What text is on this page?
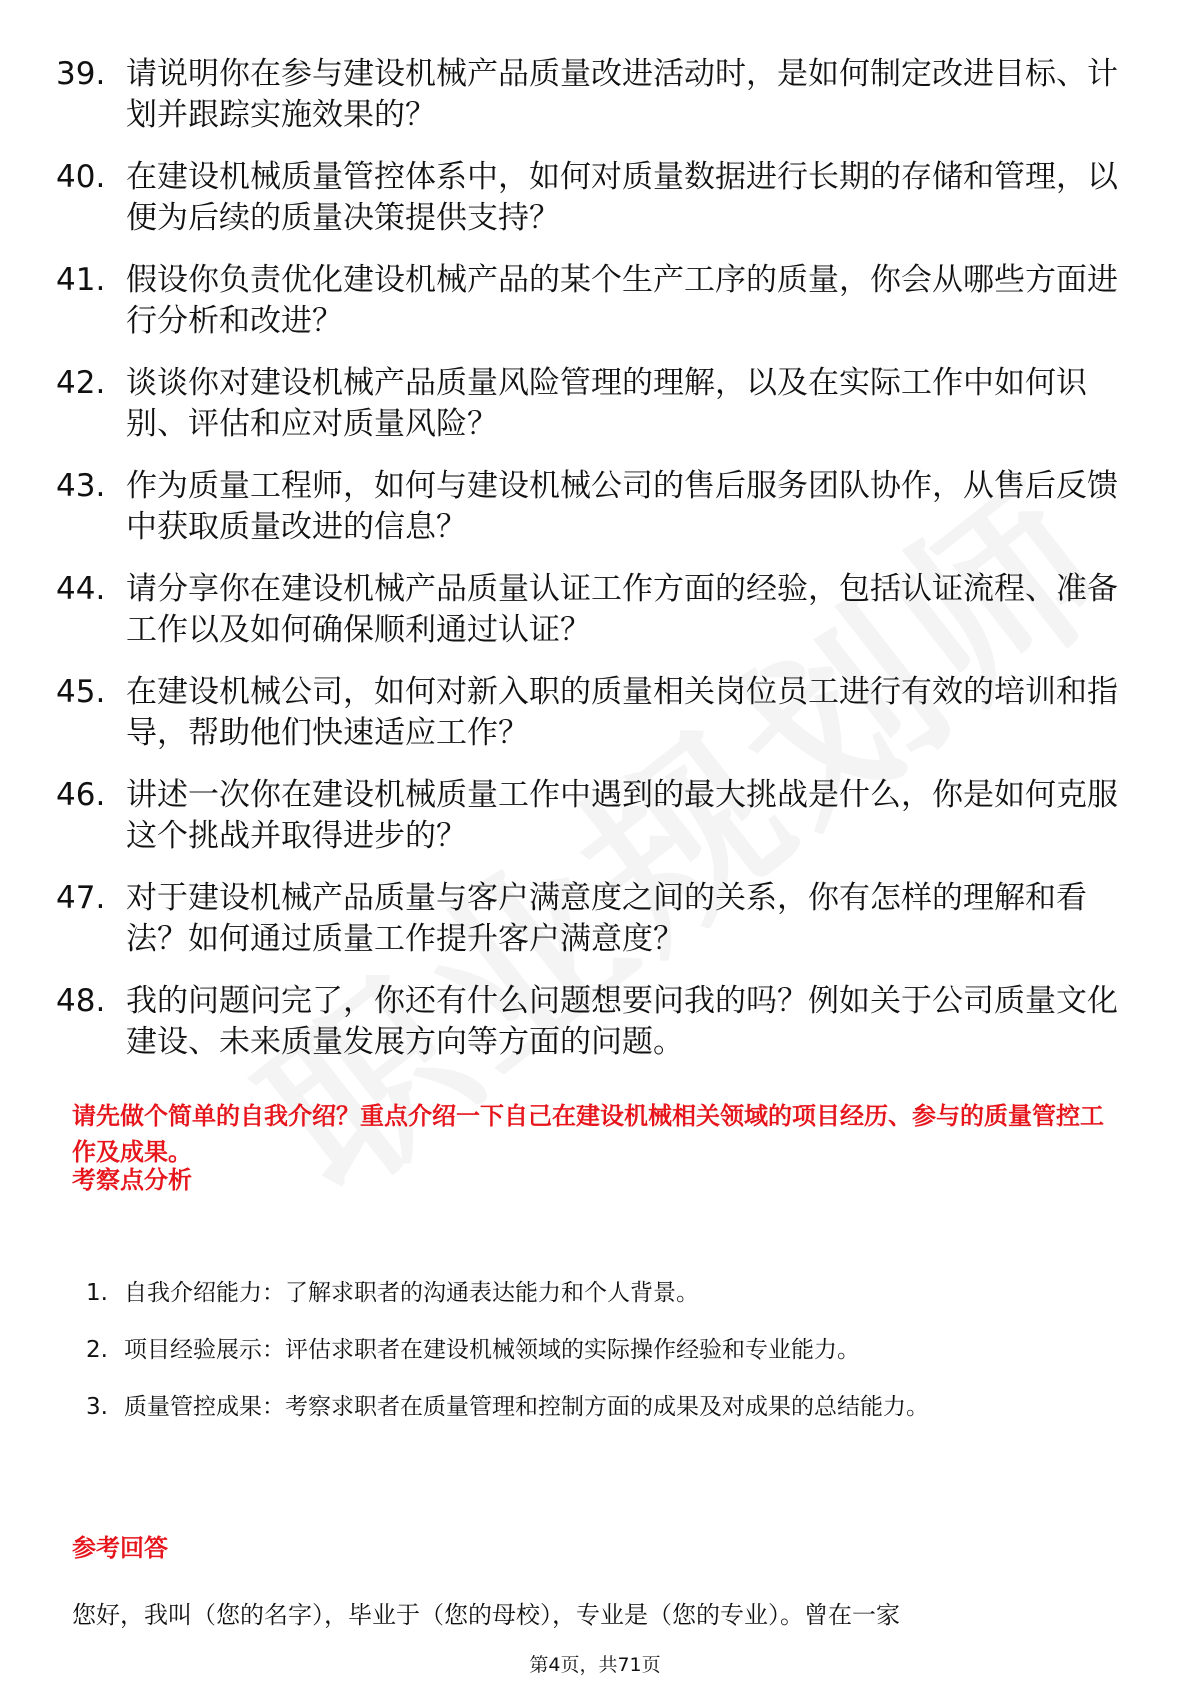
39. 请说明你在参与建设机械产品质量改进活动时，是如何制定改进目标、计划并跟踪实施效果的？
40. 在建设机械质量管控体系中，如何对质量数据进行长期的存储和管理，以便为后续的质量决策提供支持？
41. 假设你负责优化建设机械产品的某个生产工序的质量，你会从哪些方面进行分析和改进？
42. 谈谈你对建设机械产品质量风险管理的理解，以及在实际工作中如何识别、评估和应对质量风险？
43. 作为质量工程师，如何与建设机械公司的售后服务团队协作，从售后反馈中获取质量改进的信息？
44. 请分享你在建设机械产品质量认证工作方面的经验，包括认证流程、准备工作以及如何确保顺利通过认证？
45. 在建设机械公司，如何对新入职的质量相关岗位员工进行有效的培训和指导，帮助他们快速适应工作？
46. 讲述一次你在建设机械质量工作中遇到的最大挑战是什么，你是如何克服这个挑战并取得进步的？
47. 对于建设机械产品质量与客户满意度之间的关系，你有怎样的理解和看法？如何通过质量工作提升客户满意度？
48. 我的问题问完了，你还有什么问题想要问我的吗？例如关于公司质量文化建设、未来质量发展方向等方面的问题。
请先做个简单的自我介绍？重点介绍一下自己在建设机械相关领域的项目经历、参与的质量管控工作及成果。
考察点分析
1. 自我介绍能力：了解求职者的沟通表达能力和个人背景。
2. 项目经验展示：评估求职者在建设机械领域的实际操作经验和专业能力。
3. 质量管控成果：考察求职者在质量管理和控制方面的成果及对成果的总结能力。
参考回答
您好，我叫（您的名字），毕业于（您的母校），专业是（您的专业）。曾在一家
第4页，共71页
